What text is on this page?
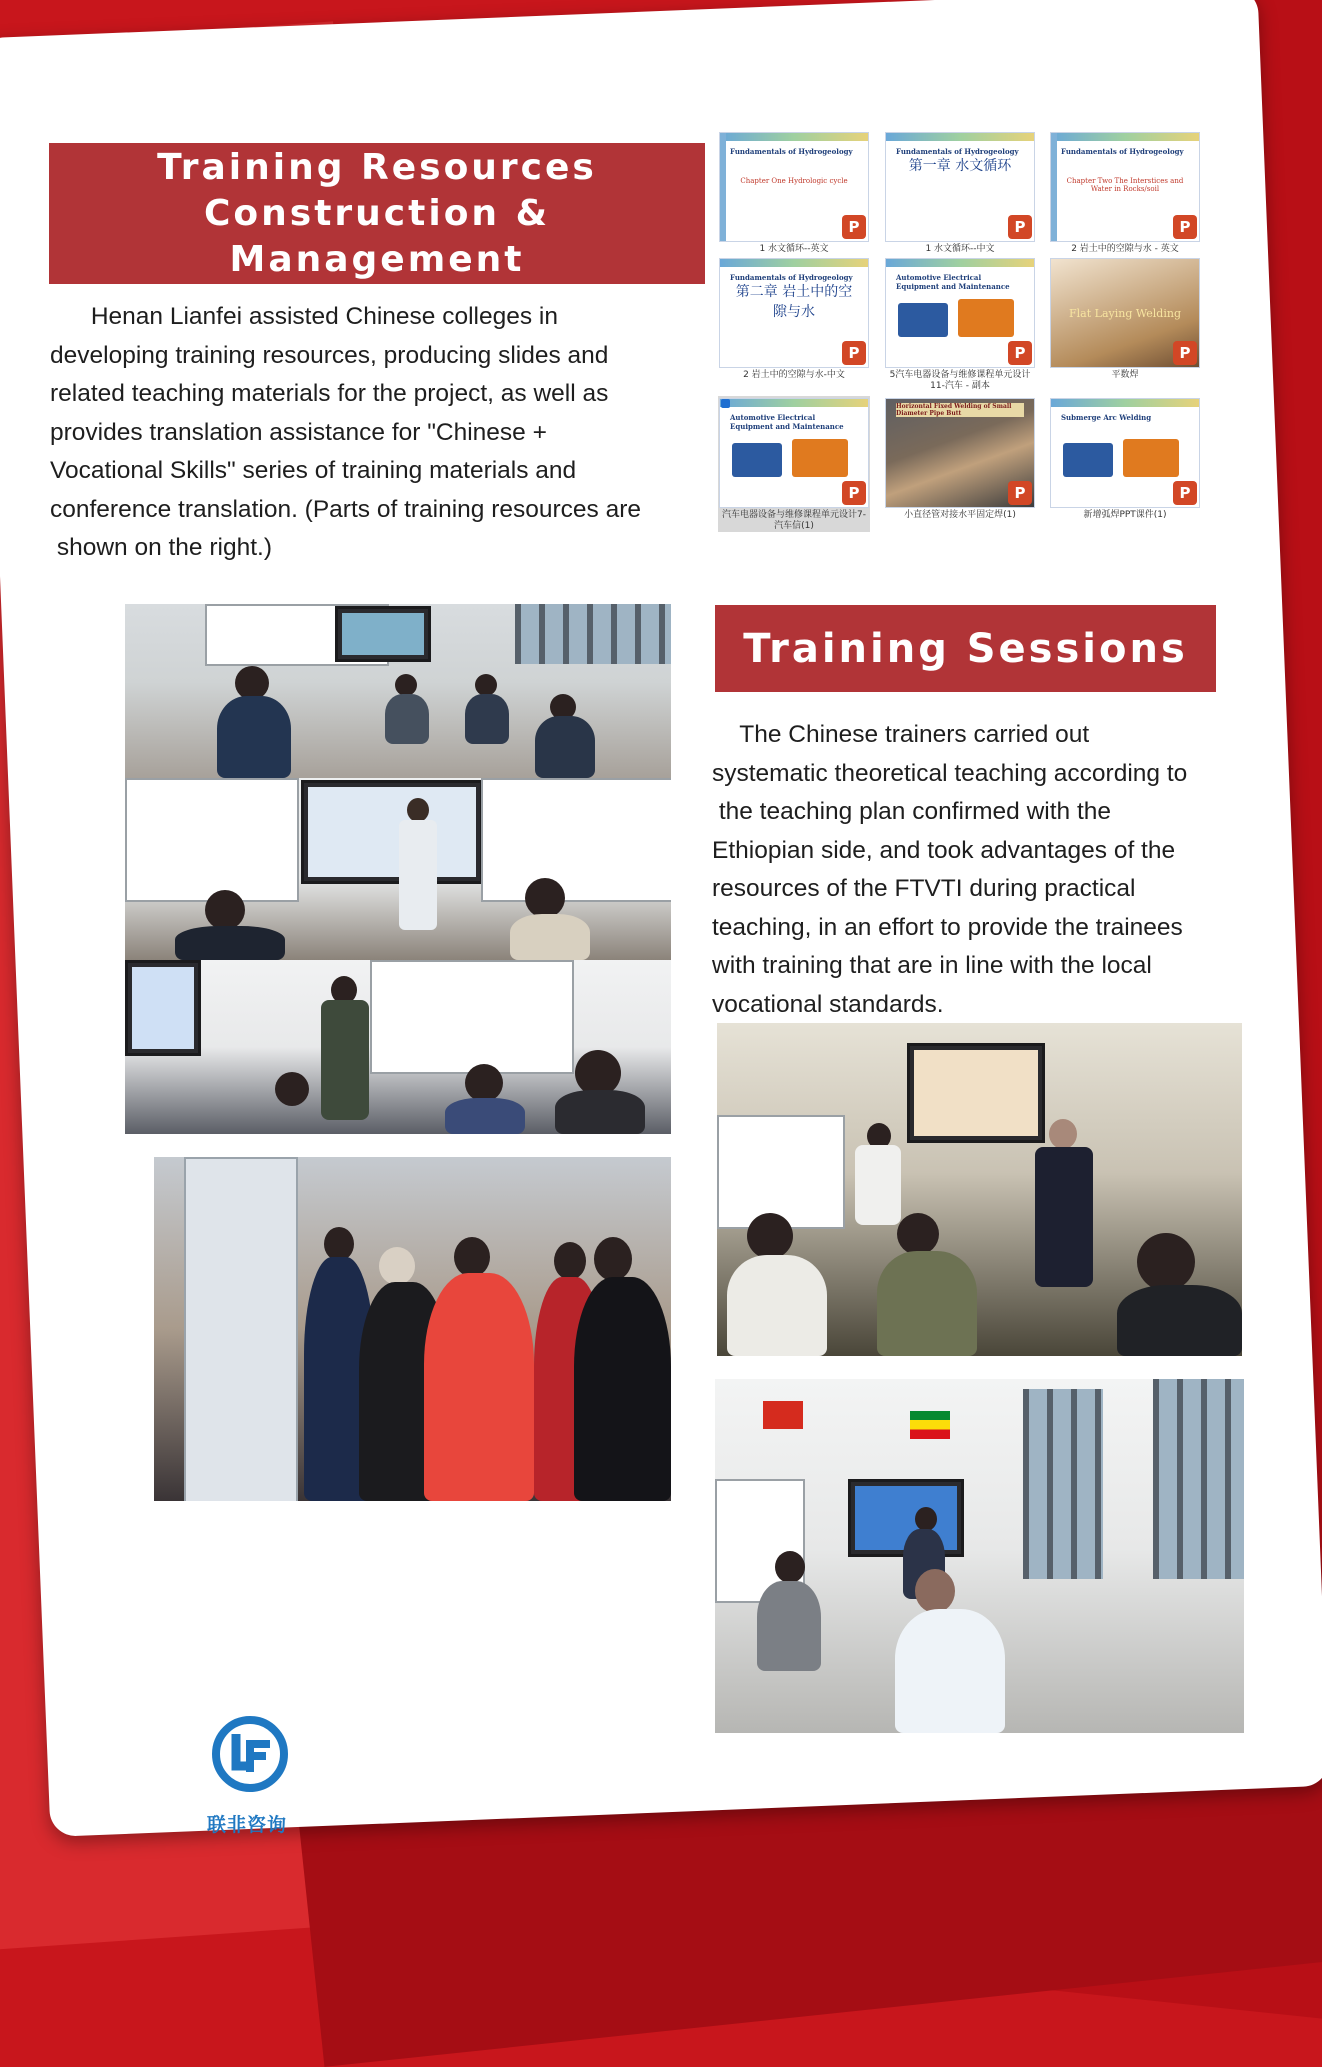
Training Resources
Construction & Management

Henan Lianfei assisted Chinese colleges in
developing training resources, producing slides and
related teaching materials for the project, as well as
provides translation assistance for "Chinese +
Vocational Skills" series of training materials and
conference translation. (Parts of training resources are
shown on the right.)

Fundamentals of Hydrogeology
Chapter One Hydrologic cycle
P
1 水文循环--英文
Fundamentals of Hydrogeology
第一章 水文循环
P
1 水文循环--中文
Fundamentals of Hydrogeology
Chapter Two The Interstices and Water in Rocks/soil
P
2 岩土中的空隙与水 - 英文
Fundamentals of Hydrogeology
第二章 岩土中的空隙与水
P
2 岩土中的空隙与水-中文
Automotive Electrical Equipment and Maintenance
P
5汽车电器设备与维修课程单元设计11-汽车 - 副本
Flat Laying Welding
P
平数焊
Automotive Electrical Equipment and Maintenance
P
汽车电器设备与维修课程单元设计7-汽车信(1)
Horizontal Fixed Welding of Small Diameter Pipe Butt
P
小直径管对接水平固定焊(1)
Submerge Arc Welding
P
新增弧焊PPT课件(1)
Training Sessions

The Chinese trainers carried out
systematic theoretical teaching according to
the teaching plan confirmed with the
Ethiopian side, and took advantages of the
resources of the FTVTI during practical
teaching, in an effort to provide the trainees
with training that are in line with the local
vocational standards.

联非咨询
